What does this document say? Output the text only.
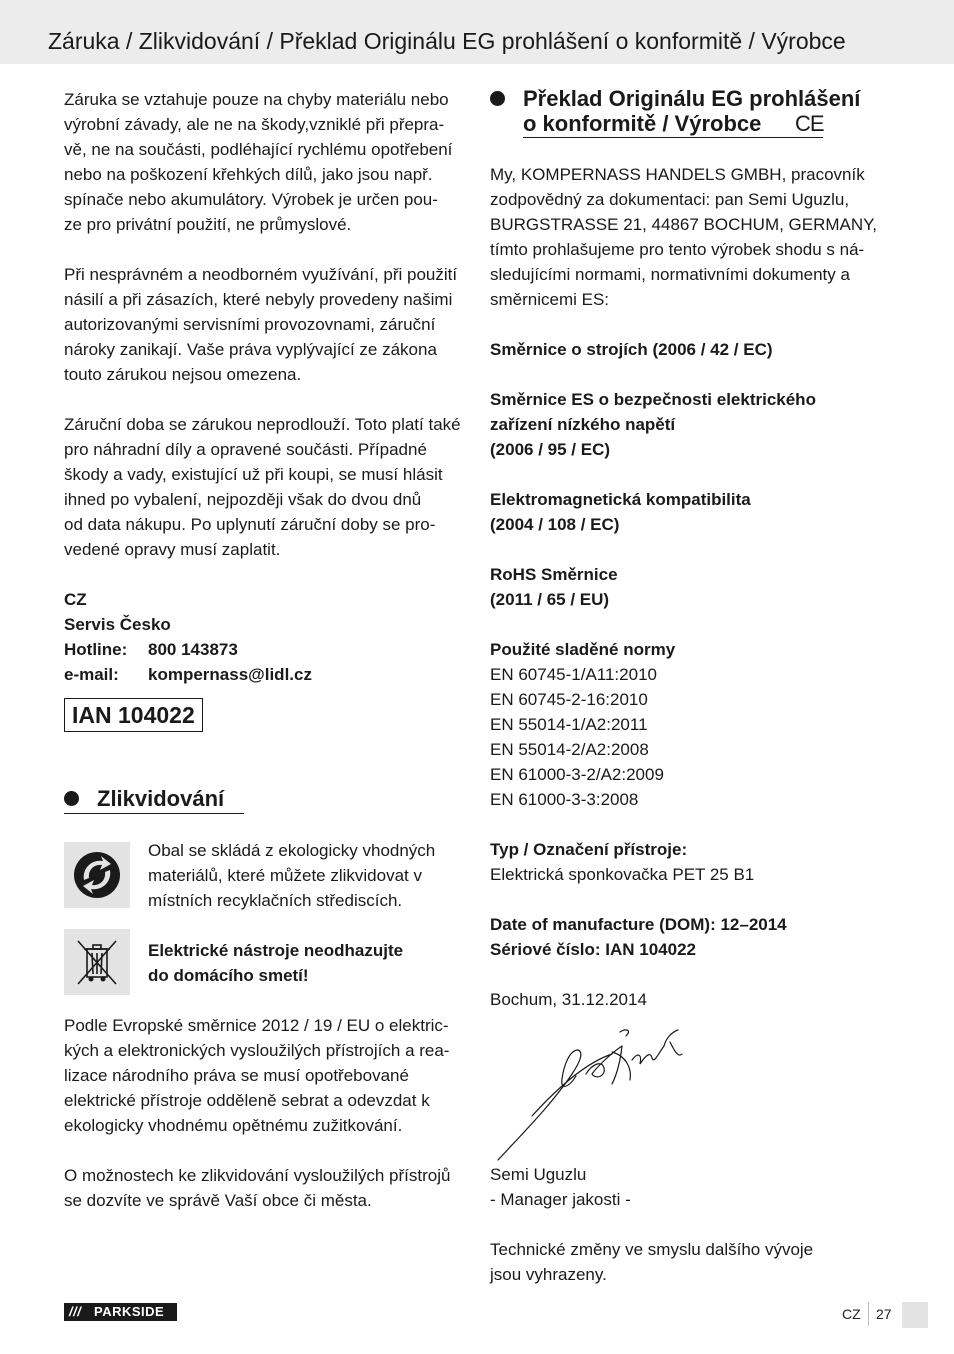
Záruka / Zlikvidování / Překlad Originálu EG prohlášení o konformitě / Výrobce

Záruka se vztahuje pouze na chyby materiálu nebo
výrobní závady, ale ne na škody,vzniklé při přepra-
vě, ne na součásti, podléhající rychlému opotřebení
nebo na poškození křehkých dílů, jako jsou např.
spínače nebo akumulátory. Výrobek je určen pou-
ze pro privátní použití, ne průmyslové.

Při nesprávném a neodborném využívání, při použití
násilí a při zásazích, které nebyly provedeny našimi
autorizovanými servisními provozovnami, záruční
nároky zanikají. Vaše práva vyplývající ze zákona
touto zárukou nejsou omezena.

Záruční doba se zárukou neprodlouží. Toto platí také
pro náhradní díly a opravené součásti. Případné
škody a vady, existující už při koupi, se musí hlásit
ihned po vybalení, nejpozději však do dvou dnů
od data nákupu. Po uplynutí záruční doby se pro-
vedené opravy musí zaplatit.

CZ
Servis Česko
Hotline:	800 143873
e-mail:	kompernass@lidl.cz
IAN 104022
Zlikvidování
Obal se skládá z ekologicky vhodných
materiálů, které můžete zlikvidovat v
místních recyklačních střediscích.
Elektrické nástroje neodhazujte
do domácího smetí!

Podle Evropské směrnice 2012 / 19 / EU o elektric-
kých a elektronických vysloužilých přístrojích a rea-
lizace národního práva se musí opotřebované
elektrické přístroje odděleně sebrat a odevzdat k
ekologicky vhodnému opětnému zužitkování.

O možnostech ke zlikvidování vysloužilých přístrojů
se dozvíte ve správě Vaší obce či města.

Překlad Originálu EG prohlášení
o konformitě / Výrobce CE

My, KOMPERNASS HANDELS GMBH, pracovník
zodpovědný za dokumentaci: pan Semi Uguzlu,
BURGSTRASSE 21, 44867 BOCHUM, GERMANY,
tímto prohlašujeme pro tento výrobek shodu s ná-
sledujícími normami, normativními dokumenty a
směrnicemi ES:

Směrnice o strojích (2006 / 42 / EC)

Směrnice ES o bezpečnosti elektrického
zařízení nízkého napětí
(2006 / 95 / EC)

Elektromagnetická kompatibilita
(2004 / 108 / EC)

RoHS Směrnice
(2011 / 65 / EU)

Použité sladěné normy

EN 60745-1/A11:2010
EN 60745-2-16:2010
EN 55014-1/A2:2011
EN 55014-2/A2:2008
EN 61000-3-2/A2:2009
EN 61000-3-3:2008

Typ / Označení přístroje:

Elektrická sponkovačka PET 25 B1

Date of manufacture (DOM): 12–2014

Sériové číslo: IAN 104022

Bochum, 31.12.2014

Semi Uguzlu

- Manager jakosti -

Technické změny ve smyslu dalšího vývoje
jsou vyhrazeny.

/// PARKSIDE	CZ 27
